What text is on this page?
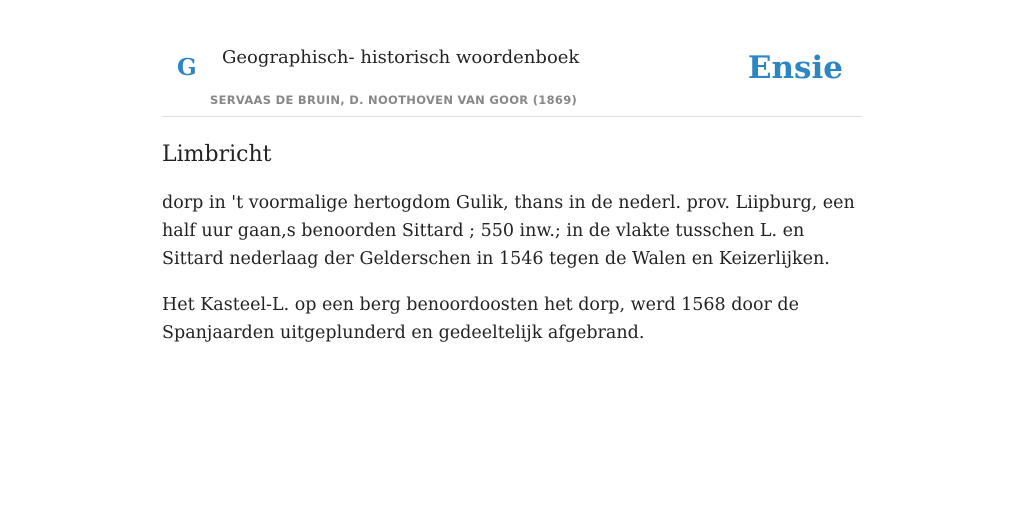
G Geographisch- historisch woordenboek
SERVAAS DE BRUIN, D. NOOTHOVEN VAN GOOR (1869)
Ensie
Limbricht

dorp in 't voormalige hertogdom Gulik, thans in de nederl. prov. Liipburg, een half uur gaan,s benoorden Sittard ; 550 inw.; in de vlakte tusschen L. en Sittard nederlaag der Gelderschen in 1546 tegen de Walen en Keizerlijken.

Het Kasteel-L. op een berg benoordoosten het dorp, werd 1568 door de Spanjaarden uitgeplunderd en gedeeltelijk afgebrand.
